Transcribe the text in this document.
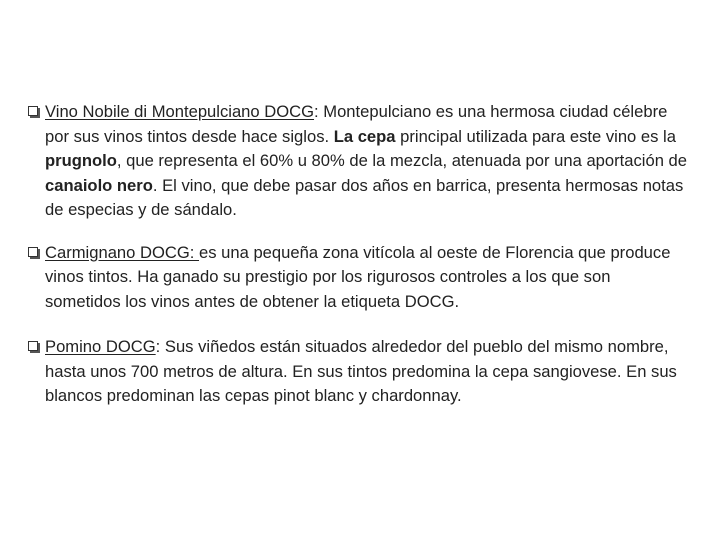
Vino Nobile di Montepulciano DOCG: Montepulciano es una hermosa ciudad célebre por sus vinos tintos desde hace siglos. La cepa principal utilizada para este vino es la prugnolo, que representa el 60% u 80% de la mezcla, atenuada por una aportación de canaiolo nero. El vino, que debe pasar dos años en barrica, presenta hermosas notas de especias y de sándalo.
Carmignano DOCG: es una pequeña zona vitícola al oeste de Florencia que produce vinos tintos. Ha ganado su prestigio por los rigurosos controles a los que son sometidos los vinos antes de obtener la etiqueta DOCG.
Pomino DOCG: Sus viñedos están situados alrededor del pueblo del mismo nombre, hasta unos 700 metros de altura. En sus tintos predomina la cepa sangiovese. En sus blancos predominan las cepas pinot blanc y chardonnay.
